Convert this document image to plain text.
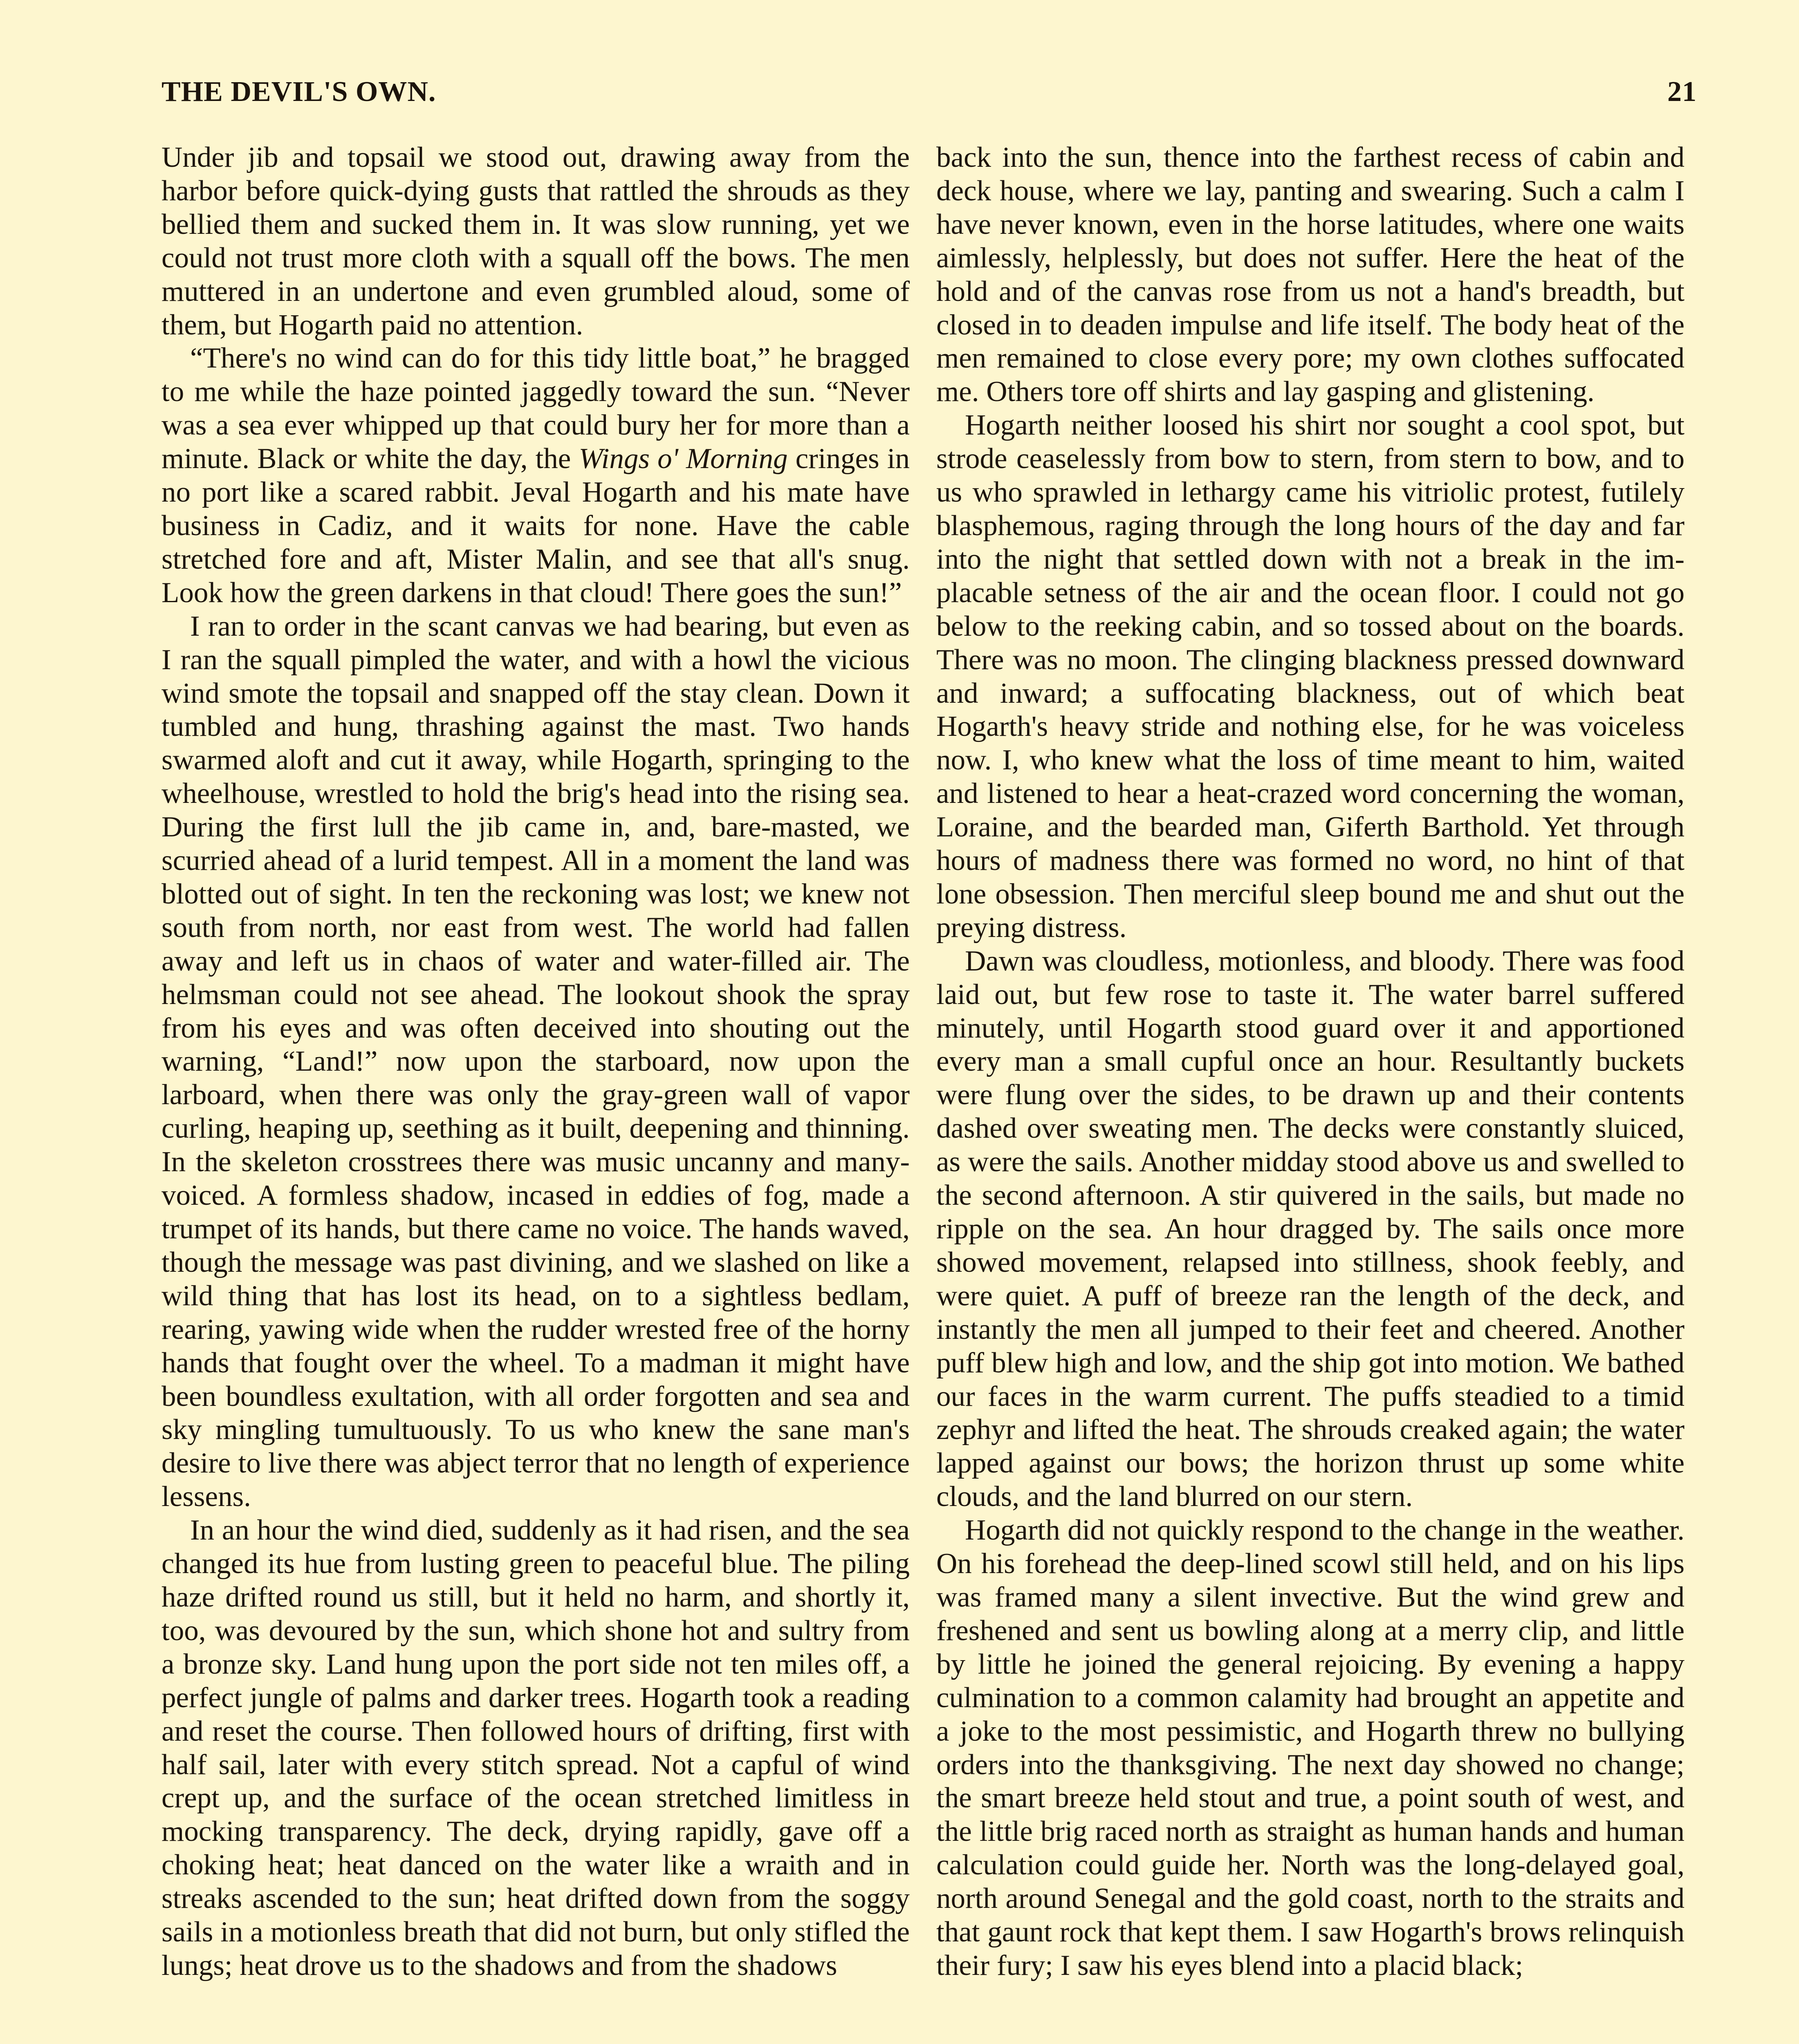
THE DEVIL'S OWN.	21

Under jib and topsail we stood out, drawing away from the harbor before quick-dying gusts that rattled the shrouds as they bellied them and sucked them in. It was slow running, yet we could not trust more cloth with a squall off the bows. The men muttered in an undertone and even grumbled aloud, some of them, but Hogarth paid no attention.

“There's no wind can do for this tidy little boat,” he bragged to me while the haze pointed jaggedly toward the sun. “Never was a sea ever whipped up that could bury her for more than a minute. Black or white the day, the Wings o' Morning cringes in no port like a scared rabbit. Jeval Hogarth and his mate have business in Cadiz, and it waits for none. Have the cable stretched fore and aft, Mister Malin, and see that all's snug. Look how the green darkens in that cloud! There goes the sun!”

I ran to order in the scant canvas we had bearing, but even as I ran the squall pimpled the water, and with a howl the vicious wind smote the topsail and snapped off the stay clean. Down it tumbled and hung, thrashing against the mast. Two hands swarmed aloft and cut it away, while Hogarth, springing to the wheelhouse, wrestled to hold the brig's head into the rising sea. During the first lull the jib came in, and, bare-masted, we scurried ahead of a lurid tempest. All in a moment the land was blotted out of sight. In ten the reckoning was lost; we knew not south from north, nor east from west. The world had fallen away and left us in chaos of water and water-filled air. The helmsman could not see ahead. The lookout shook the spray from his eyes and was often deceived into shouting out the warning, “Land!” now upon the starboard, now upon the larboard, when there was only the gray-green wall of vapor curling, heaping up, seething as it built, deepening and thinning. In the skeleton crosstrees there was music uncanny and many-voiced. A formless shadow, incased in eddies of fog, made a trumpet of its hands, but there came no voice. The hands waved, though the message was past divining, and we slashed on like a wild thing that has lost its head, on to a sightless bedlam, rearing, yawing wide when the rudder wrested free of the horny hands that fought over the wheel. To a madman it might have been boundless exultation, with all order forgotten and sea and sky mingling tumultuously. To us who knew the sane man's desire to live there was abject terror that no length of experience lessens.

In an hour the wind died, suddenly as it had risen, and the sea changed its hue from lusting green to peaceful blue. The piling haze drifted round us still, but it held no harm, and shortly it, too, was devoured by the sun, which shone hot and sultry from a bronze sky. Land hung upon the port side not ten miles off, a perfect jungle of palms and darker trees. Hogarth took a reading and reset the course. Then followed hours of drifting, first with half sail, later with every stitch spread. Not a capful of wind crept up, and the surface of the ocean stretched limitless in mocking transparency. The deck, drying rapidly, gave off a choking heat; heat danced on the water like a wraith and in streaks ascended to the sun; heat drifted down from the soggy sails in a motionless breath that did not burn, but only stifled the lungs; heat drove us to the shadows and from the shadows

back into the sun, thence into the farthest recess of cabin and deck house, where we lay, panting and swearing. Such a calm I have never known, even in the horse latitudes, where one waits aimlessly, helplessly, but does not suffer. Here the heat of the hold and of the canvas rose from us not a hand's breadth, but closed in to deaden impulse and life itself. The body heat of the men remained to close every pore; my own clothes suffocated me. Others tore off shirts and lay gasping and glistening.

Hogarth neither loosed his shirt nor sought a cool spot, but strode ceaselessly from bow to stern, from stern to bow, and to us who sprawled in lethargy came his vitriolic protest, futilely blasphemous, raging through the long hours of the day and far into the night that settled down with not a break in the implacable setness of the air and the ocean floor. I could not go below to the reeking cabin, and so tossed about on the boards. There was no moon. The clinging blackness pressed downward and inward; a suffocating blackness, out of which beat Hogarth's heavy stride and nothing else, for he was voiceless now. I, who knew what the loss of time meant to him, waited and listened to hear a heat-crazed word concerning the woman, Loraine, and the bearded man, Giferth Barthold. Yet through hours of madness there was formed no word, no hint of that lone obsession. Then merciful sleep bound me and shut out the preying distress.

Dawn was cloudless, motionless, and bloody. There was food laid out, but few rose to taste it. The water barrel suffered minutely, until Hogarth stood guard over it and apportioned every man a small cupful once an hour. Resultantly buckets were flung over the sides, to be drawn up and their contents dashed over sweating men. The decks were constantly sluiced, as were the sails. Another midday stood above us and swelled to the second afternoon. A stir quivered in the sails, but made no ripple on the sea. An hour dragged by. The sails once more showed movement, relapsed into stillness, shook feebly, and were quiet. A puff of breeze ran the length of the deck, and instantly the men all jumped to their feet and cheered. Another puff blew high and low, and the ship got into motion. We bathed our faces in the warm current. The puffs steadied to a timid zephyr and lifted the heat. The shrouds creaked again; the water lapped against our bows; the horizon thrust up some white clouds, and the land blurred on our stern.

Hogarth did not quickly respond to the change in the weather. On his forehead the deep-lined scowl still held, and on his lips was framed many a silent invective. But the wind grew and freshened and sent us bowling along at a merry clip, and little by little he joined the general rejoicing. By evening a happy culmination to a common calamity had brought an appetite and a joke to the most pessimistic, and Hogarth threw no bullying orders into the thanksgiving. The next day showed no change; the smart breeze held stout and true, a point south of west, and the little brig raced north as straight as human hands and human calculation could guide her. North was the long-delayed goal, north around Senegal and the gold coast, north to the straits and that gaunt rock that kept them. I saw Hogarth's brows relinquish their fury; I saw his eyes blend into a placid black;
